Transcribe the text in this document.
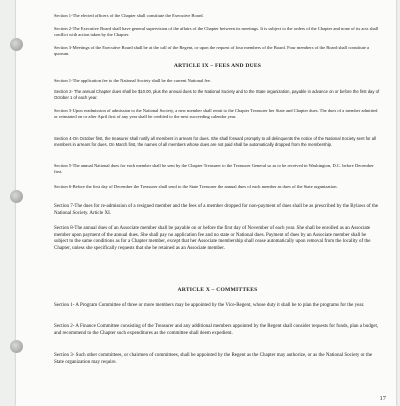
Section 1-The elected officers of the Chapter shall constitute the Executive Board.

Section 2-The Executive Board shall have general supervision of the affairs of the Chapter between its meetings. It is subject to the orders of the Chapter and none of its acts shall conflict with action taken by the Chapter.

Section 3-Meetings of the Executive Board shall be at the call of the Regent, or upon the request of four members of the Board. Four members of the Board shall constitute a quorum.

ARTICLE IX – FEES AND DUES

Section 1-The application fee to the National Society shall be the current National fee.

Section 2- The annual Chapter dues shall be $10.00, plus the annual dues to the National Society and to the State organization, payable in advance on or before the first day of October 1 of each year.

Section 3-Upon readmission of admission to the National Society, a new member shall remit to the Chapter Treasurer her State and Chapter dues. The dues of a member admitted or reinstated on or after April first of any year shall be credited to the next succeeding calendar year.

Section 4-On October first, the treasurer shall notify all members in arrears for dues. She shall forward promptly to all delinquents the notice of the National Society sent for all members in arrears for dues. On March first, the names of all members whose dues are not paid shall be automatically dropped from the membership.

Section 5-The annual National dues for each member shall be sent by the Chapter Treasurer to the Treasurer General so as to be received in Washington, D.C. before December first.

Section 6-Before the first day of December the Treasurer shall send to the State Treasurer the annual dues of each member as dues of the State organization.

Section 7-The dues for re-admission of a resigned member and the fees of a member dropped for non-payment of dues shall be as prescribed by the Bylaws of the National Society. Article XI.

Section 8-The annual dues of an Associate member shall be payable on or before the first day of November of each year. She shall be enrolled as an Associate member upon payment of the annual dues. She shall pay no application fee and no state or National dues. Payment of dues by an Associate member shall be subject to the same conditions as for a Chapter member, except that her Associate membership shall cease automatically upon removal from the locality of the Chapter, unless she specifically requests that she be retained as an Associate member.

ARTICLE X – COMMITTEES

Section 1- A Program Committee of three or more members may be appointed by the Vice-Regent, whose duty it shall be to plan the programs for the year.

Section 2- A Finance Committee consisting of the Treasurer and any additional members appointed by the Regent shall consider requests for funds, plan a budget, and recommend to the Chapter such expenditures as the committee shall deem expedient.

Section 3- Such other committees, or chairmen of committees, shall be appointed by the Regent as the Chapter may authorize, or as the National Society or the State organization may require.

17
